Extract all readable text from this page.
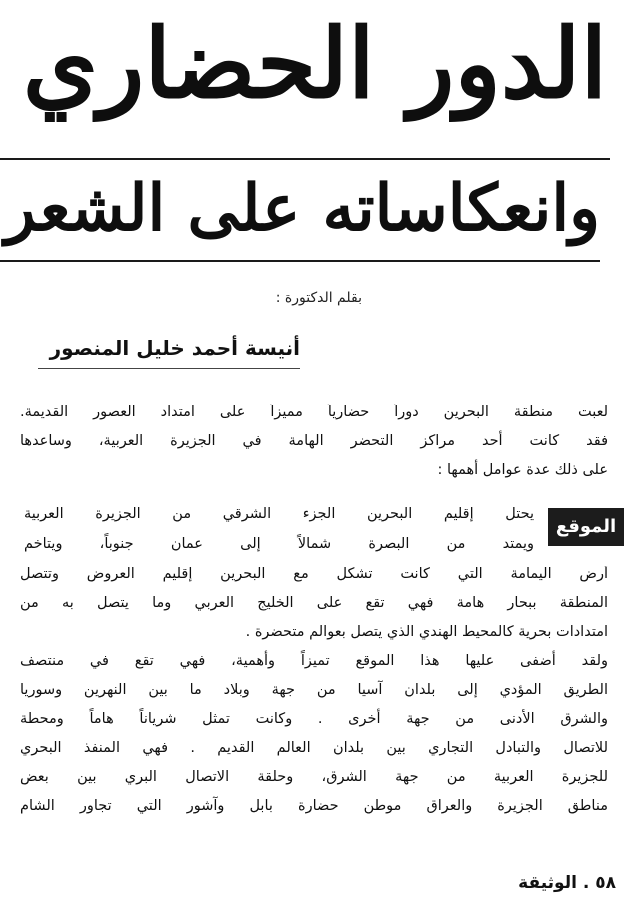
الدور الحضاري
وانعكاساته على الشعر
بقلم الدكتورة :
أنيسة أحمد خليل المنصور
لعبت منطقة البحرين دوراً حضارياً مميزاً على امتداد العصور القديمة.
فقد كانت أحد مراكز التحضر الهامة في الجزيرة العربية، وساعدها
على ذلك عدة عوامل أهمها :
الموقع
يحتل إقليم البحرين الجزء الشرقي من الجزيرة العربية
ويمتد من البصرة شمالاً إلى عمان جنوباً، ويتاخم
أرض اليمامة التي كانت تشكل مع البحرين إقليم العروض وتتصل
المنطقة ببحار هامة فهي تقع على الخليج العربي وما يتصل به من
امتدادات بحرية كالمحيط الهندي الذي يتصل بعوالم متحضرة .
ولقد أضفى عليها هذا الموقع تميزاً وأهمية، فهي تقع في منتصف
الطريق المؤدي إلى بلدان آسيا من جهة وبلاد ما بين النهرين وسوريا
والشرق الأدنى من جهة أخرى . وكانت تمثل شرياناً هاماً ومحطة
للاتصال والتبادل التجاري بين بلدان العالم القديم . فهي المنفذ البحري
للجزيرة العربية من جهة الشرق، وحلقة الاتصال البري بين بعض
مناطق الجزيرة والعراق موطن حضارة بابل وآشور التي تجاور الشام
٥٨ . الوثيقة
